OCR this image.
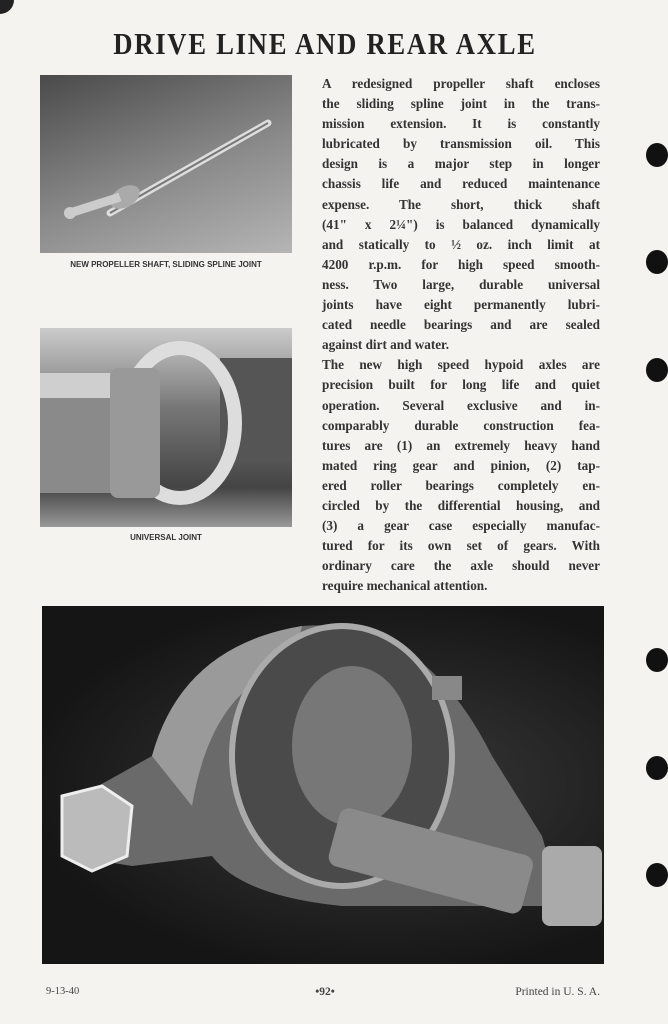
DRIVE LINE AND REAR AXLE
NEW PROPELLER SHAFT, SLIDING SPLINE JOINT
UNIVERSAL JOINT
A redesigned propeller shaft encloses
the sliding spline joint in the trans-
mission extension. It is constantly
lubricated by transmission oil. This
design is a major step in longer
chassis life and reduced maintenance
expense. The short, thick shaft
(41" x 2¼") is balanced dynamically
and statically to ½ oz. inch limit at
4200 r.p.m. for high speed smooth-
ness. Two large, durable universal
joints have eight permanently lubri-
cated needle bearings and are sealed
against dirt and water.
The new high speed hypoid axles are
precision built for long life and quiet
operation. Several exclusive and in-
comparably durable construction fea-
tures are (1) an extremely heavy hand
mated ring gear and pinion, (2) tap-
ered roller bearings completely en-
circled by the differential housing, and
(3) a gear case especially manufac-
tured for its own set of gears. With
ordinary care the axle should never
require mechanical attention.
9-13-40	•92•	Printed in U. S. A.
